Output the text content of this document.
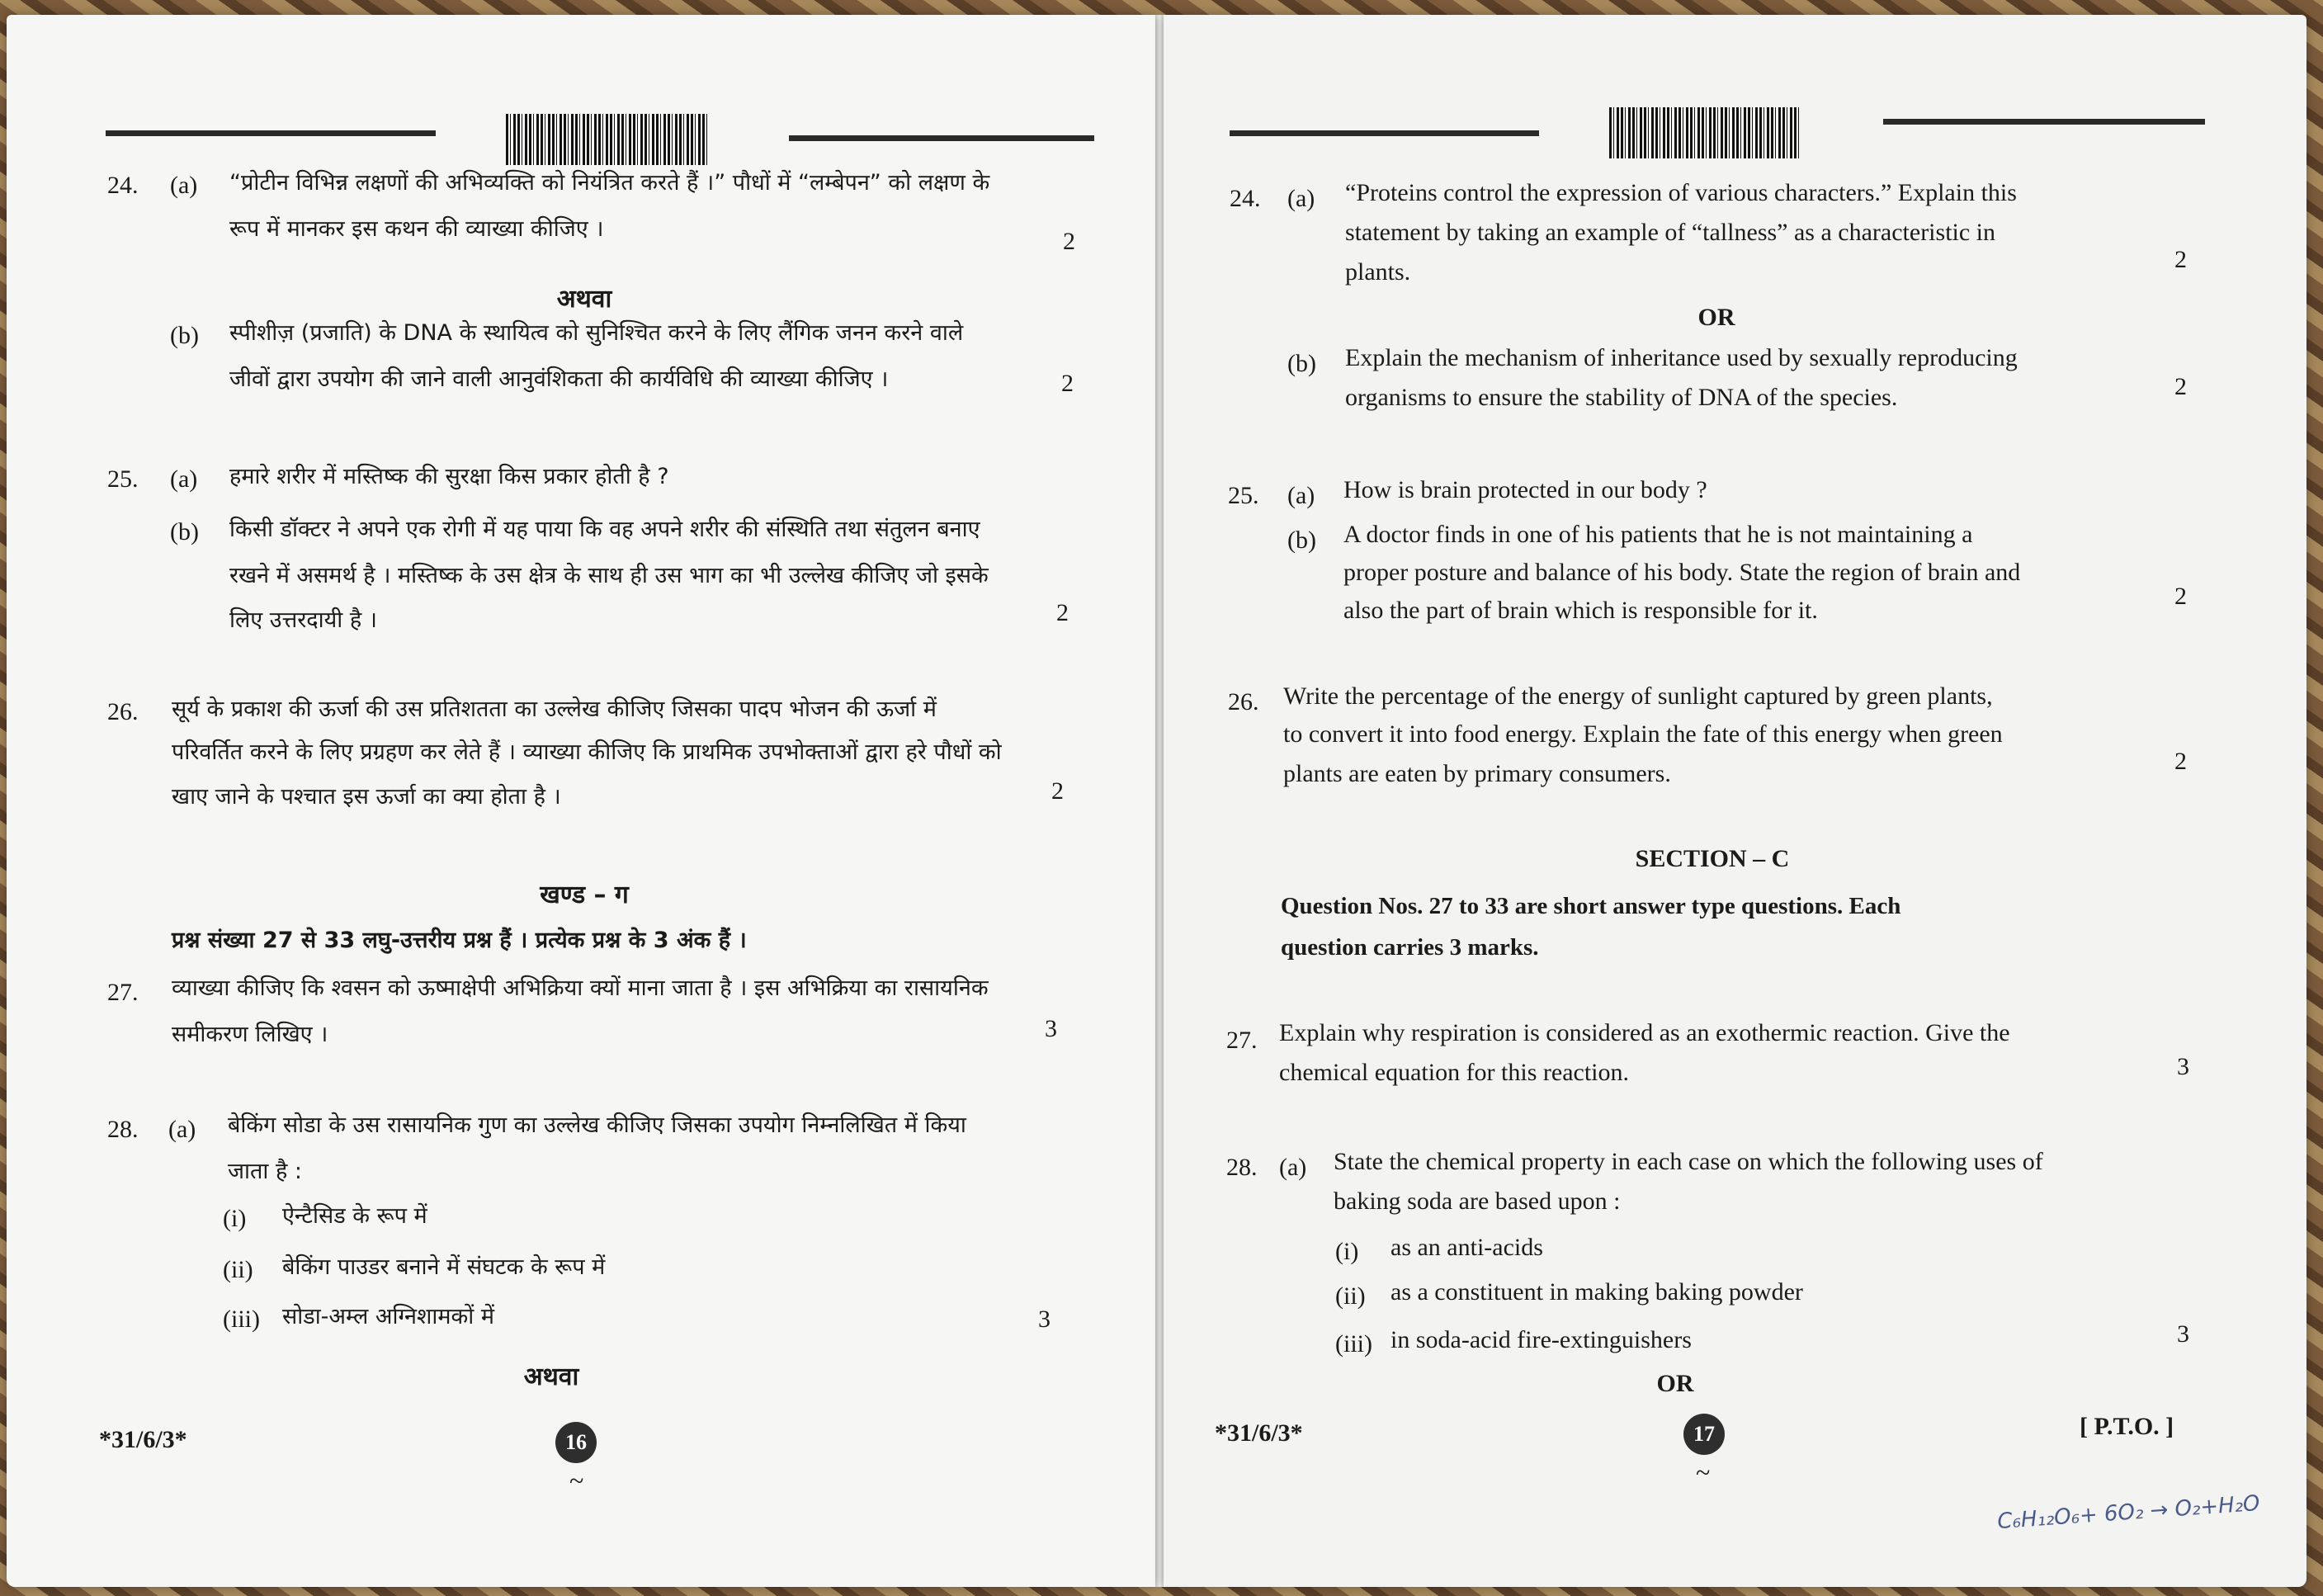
24. (a) “प्रोटीन विभिन्न लक्षणों की अभिव्यक्ति को नियंत्रित करते हैं ।” पौधों में “लम्बेपन” को लक्षण के
रूप में मानकर इस कथन की व्याख्या कीजिए ।	2
अथवा
(b) स्पीशीज़ (प्रजाति) के DNA के स्थायित्व को सुनिश्चित करने के लिए लैंगिक जनन करने वाले
जीवों द्वारा उपयोग की जाने वाली आनुवंशिकता की कार्यविधि की व्याख्या कीजिए ।	2
25. (a) हमारे शरीर में मस्तिष्क की सुरक्षा किस प्रकार होती है ?
(b) किसी डॉक्टर ने अपने एक रोगी में यह पाया कि वह अपने शरीर की संस्थिति तथा संतुलन बनाए
रखने में असमर्थ है । मस्तिष्क के उस क्षेत्र के साथ ही उस भाग का भी उल्लेख कीजिए जो इसके
लिए उत्तरदायी है ।	2
26. सूर्य के प्रकाश की ऊर्जा की उस प्रतिशतता का उल्लेख कीजिए जिसका पादप भोजन की ऊर्जा में
परिवर्तित करने के लिए प्रग्रहण कर लेते हैं । व्याख्या कीजिए कि प्राथमिक उपभोक्ताओं द्वारा हरे पौधों को
खाए जाने के पश्चात इस ऊर्जा का क्या होता है ।	2
खण्ड – ग
प्रश्न संख्या 27 से 33 लघु-उत्तरीय प्रश्न हैं । प्रत्येक प्रश्न के 3 अंक हैं ।
27. व्याख्या कीजिए कि श्वसन को ऊष्माक्षेपी अभिक्रिया क्यों माना जाता है । इस अभिक्रिया का रासायनिक
समीकरण लिखिए ।	3
28. (a) बेकिंग सोडा के उस रासायनिक गुण का उल्लेख कीजिए जिसका उपयोग निम्नलिखित में किया
जाता है :
(i) ऐन्टैसिड के रूप में
(ii) बेकिंग पाउडर बनाने में संघटक के रूप में
(iii) सोडा-अम्ल अग्निशामकों में	3
अथवा
*31/6/3*	16
~
24. (a) “Proteins control the expression of various characters.” Explain this
statement by taking an example of “tallness” as a characteristic in
plants.	2
OR
(b) Explain the mechanism of inheritance used by sexually reproducing
organisms to ensure the stability of DNA of the species.	2
25. (a) How is brain protected in our body ?
(b) A doctor finds in one of his patients that he is not maintaining a
proper posture and balance of his body. State the region of brain and
also the part of brain which is responsible for it.
2
26. Write the percentage of the energy of sunlight captured by green plants,
to convert it into food energy. Explain the fate of this energy when green
plants are eaten by primary consumers.	2
SECTION – C
Question Nos. 27 to 33 are short answer type questions. Each
question carries 3 marks.
27. Explain why respiration is considered as an exothermic reaction. Give the
chemical equation for this reaction.	3
28. (a) State the chemical property in each case on which the following uses of
baking soda are based upon :
(i) as an anti-acids
(ii) as a constituent in making baking powder
(iii) in soda-acid fire-extinguishers	3
OR
*31/6/3*	17
~
[ P.T.O. ]
C₆H₁₂O₆+ 6O₂ → O₂+H₂O
